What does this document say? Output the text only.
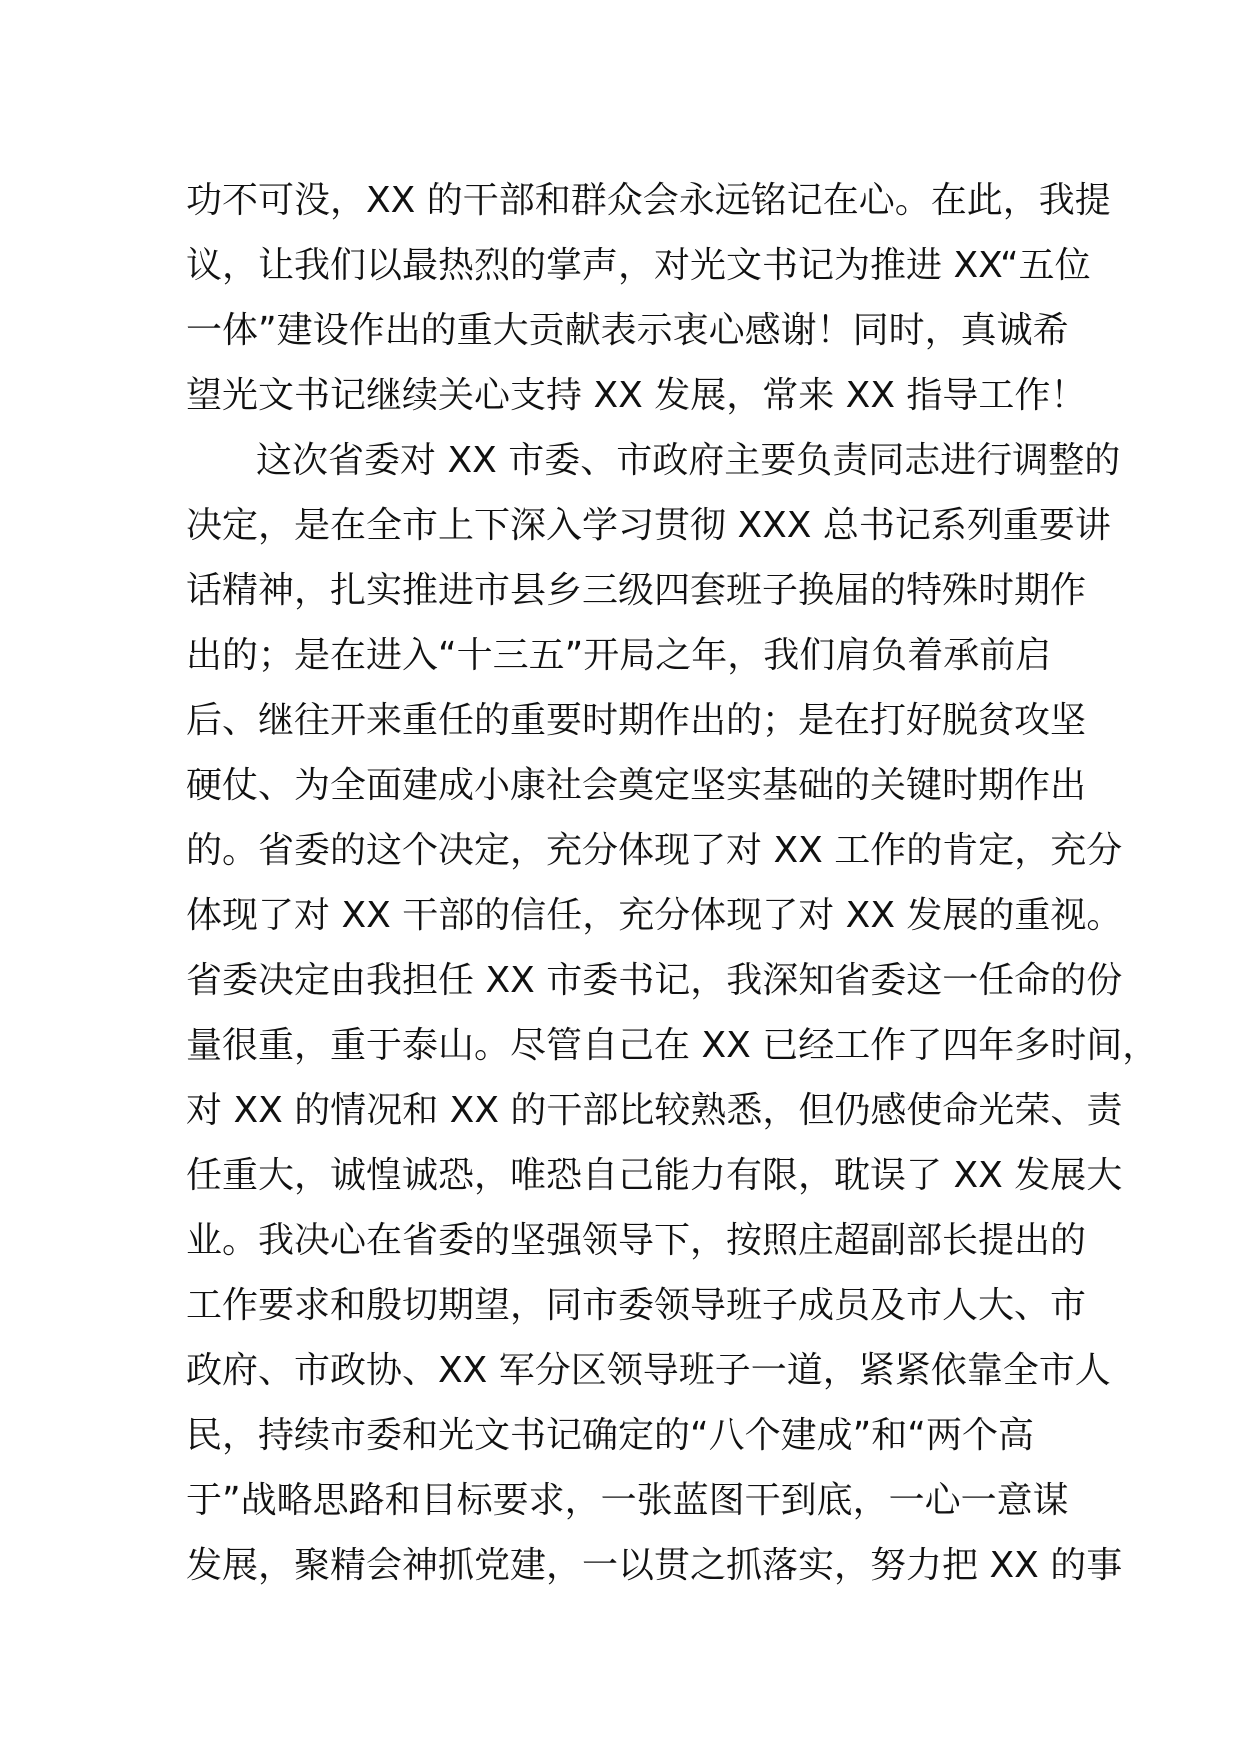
功不可没，XX 的干部和群众会永远铭记在心。在此，我提
议，让我们以最热烈的掌声，对光文书记为推进 XX“五位
一体”建设作出的重大贡献表示衷心感谢！同时，真诚希
望光文书记继续关心支持 XX 发展，常来 XX 指导工作！
这次省委对 XX 市委、市政府主要负责同志进行调整的
决定，是在全市上下深入学习贯彻 XXX 总书记系列重要讲
话精神，扎实推进市县乡三级四套班子换届的特殊时期作
出的；是在进入“十三五”开局之年，我们肩负着承前启
后、继往开来重任的重要时期作出的；是在打好脱贫攻坚
硬仗、为全面建成小康社会奠定坚实基础的关键时期作出
的。省委的这个决定，充分体现了对 XX 工作的肯定，充分
体现了对 XX 干部的信任，充分体现了对 XX 发展的重视。
省委决定由我担任 XX 市委书记，我深知省委这一任命的份
量很重，重于泰山。尽管自己在 XX 已经工作了四年多时间，
对 XX 的情况和 XX 的干部比较熟悉，但仍感使命光荣、责
任重大，诚惶诚恐，唯恐自己能力有限，耽误了 XX 发展大
业。我决心在省委的坚强领导下，按照庄超副部长提出的
工作要求和殷切期望，同市委领导班子成员及市人大、市
政府、市政协、XX 军分区领导班子一道，紧紧依靠全市人
民，持续市委和光文书记确定的“八个建成”和“两个高
于”战略思路和目标要求，一张蓝图干到底，一心一意谋
发展，聚精会神抓党建，一以贯之抓落实，努力把 XX 的事
